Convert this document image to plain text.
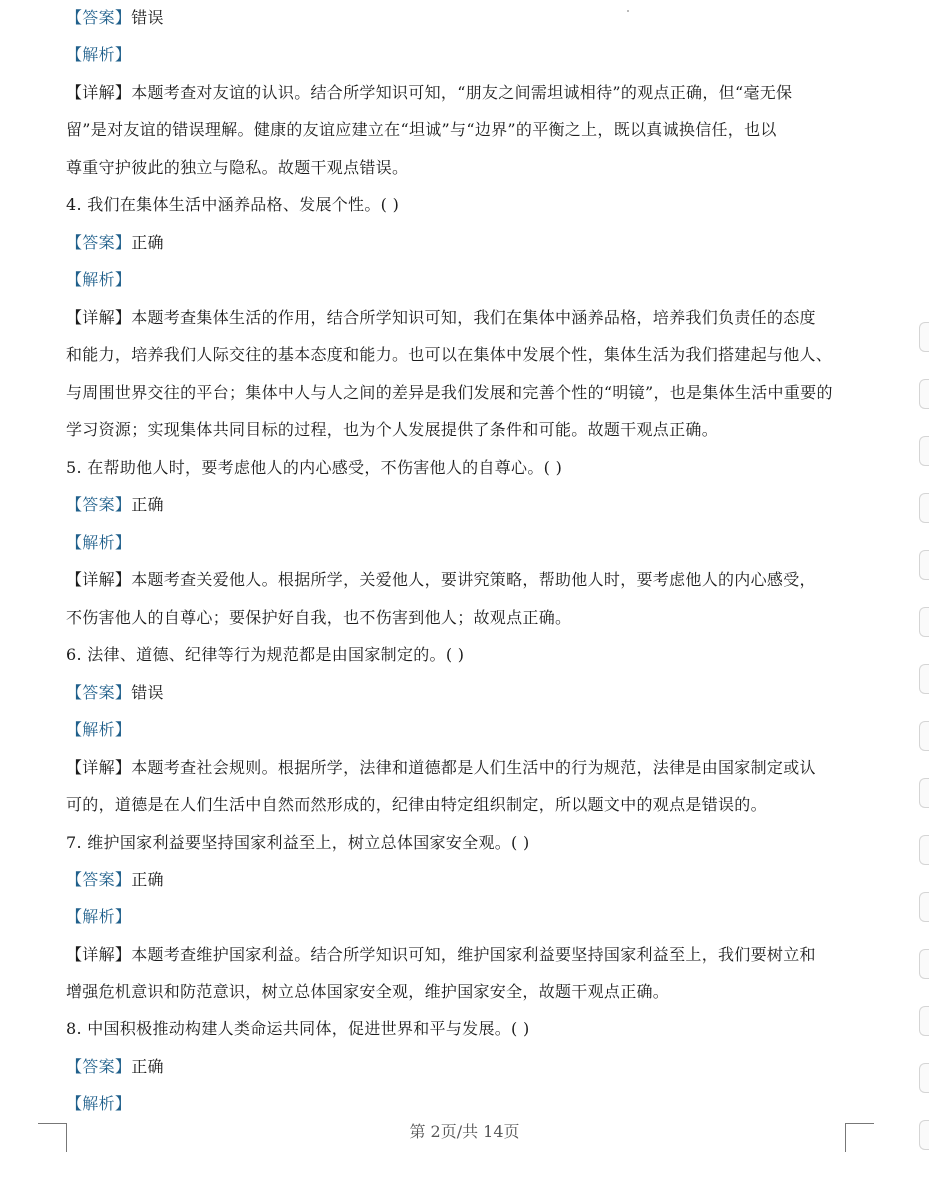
【答案】错误
【解析】
【详解】本题考查对友谊的认识。结合所学知识可知，“朋友之间需坦诚相待”的观点正确，但“毫无保
留”是对友谊的错误理解。健康的友谊应建立在“坦诚”与“边界”的平衡之上，既以真诚换信任，也以
尊重守护彼此的独立与隐私。故题干观点错误。
4. 我们在集体生活中涵养品格、发展个性。( )
【答案】正确
【解析】
【详解】本题考查集体生活的作用，结合所学知识可知，我们在集体中涵养品格，培养我们负责任的态度
和能力，培养我们人际交往的基本态度和能力。也可以在集体中发展个性，集体生活为我们搭建起与他人、
与周围世界交往的平台；集体中人与人之间的差异是我们发展和完善个性的“明镜”，也是集体生活中重要的
学习资源；实现集体共同目标的过程，也为个人发展提供了条件和可能。故题干观点正确。
5. 在帮助他人时，要考虑他人的内心感受，不伤害他人的自尊心。( )
【答案】正确
【解析】
【详解】本题考查关爱他人。根据所学，关爱他人，要讲究策略，帮助他人时，要考虑他人的内心感受，
不伤害他人的自尊心；要保护好自我，也不伤害到他人；故观点正确。
6. 法律、道德、纪律等行为规范都是由国家制定的。( )
【答案】错误
【解析】
【详解】本题考查社会规则。根据所学，法律和道德都是人们生活中的行为规范，法律是由国家制定或认
可的，道德是在人们生活中自然而然形成的，纪律由特定组织制定，所以题文中的观点是错误的。
7. 维护国家利益要坚持国家利益至上，树立总体国家安全观。( )
【答案】正确
【解析】
【详解】本题考查维护国家利益。结合所学知识可知，维护国家利益要坚持国家利益至上，我们要树立和
增强危机意识和防范意识，树立总体国家安全观，维护国家安全，故题干观点正确。
8. 中国积极推动构建人类命运共同体，促进世界和平与发展。( )
【答案】正确
【解析】
第 2页/共 14页
